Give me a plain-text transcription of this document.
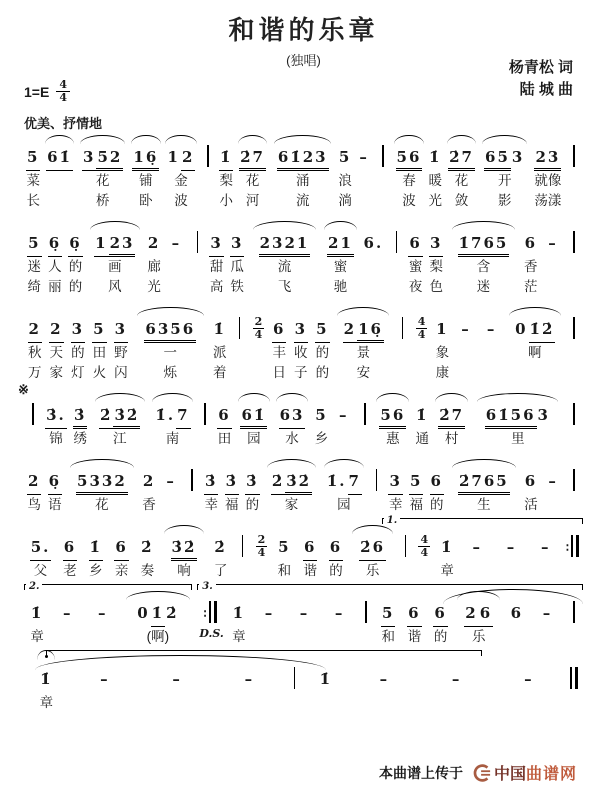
和谐的乐章
(独唱)
1=E 4
4
杨青松 词
陆 城 曲
优美、抒情地
5
菜
长
61̇ 3 52
花
桥
16̣
铺
卧
1 2
金
波
1̇
梨
小
2̇7
花
河
61̇23
涌
流
5
浪
淌
– 56
春
波
1̇
暖
光
2̇7
花
敛
65 3
开
影
23
就像
荡漾
5
迷
绮
6̣
人
丽
6̣
的
的
1 23
画
风
2
廊
光
– 3
甜
高
3
瓜
铁
2321
流
飞
21
蜜
驰
6. 6
蜜
夜
3
梨
色
1̇765
含
迷
6
香
茫
–
2
秋
万
2
天
家
3
的
灯
5
田
火
3
野
闪
6356
一
烁
1̇
派
着
2
4 6
丰
日
3
收
子
5
的
的
2 16̣
景
安
4
4 1
象
康
– – 0 1̇2̇
啊
※
3̇.
锦
3̇
绣
2̇ 3̇2̇
江
1̇. 7
南
6
田
61̇
园
63
水
5
乡
– 56
惠
1̇
通
2̇7
村
61̇56 3
里
2
鸟
6̣
语
5332
花
2
香
– 3̇
幸
3̇
福
3̇
的
2̇ 3̇2̇
家
1̇. 7
园
3
幸
5
福
6
的
2̇765
生
6
活
–
1.
5.
父
6
老
1̇
乡
6
亲
2̇
奏
3̇2̇
响
2̇
了
2
4 5
和
6
谐
6
的
2̇6
乐
4
4 1̇
章
– – – ∶
2.	3.
1̇
章
– – 0 1̇ 2̇
(啊)
∶
D.S.
1̇
章
– – –	5
和
6
谐
6
的
2 6
乐
6 –
1̇
章
–	–	–	1̇	–	–	–
本曲谱上传于 中国 曲谱网
